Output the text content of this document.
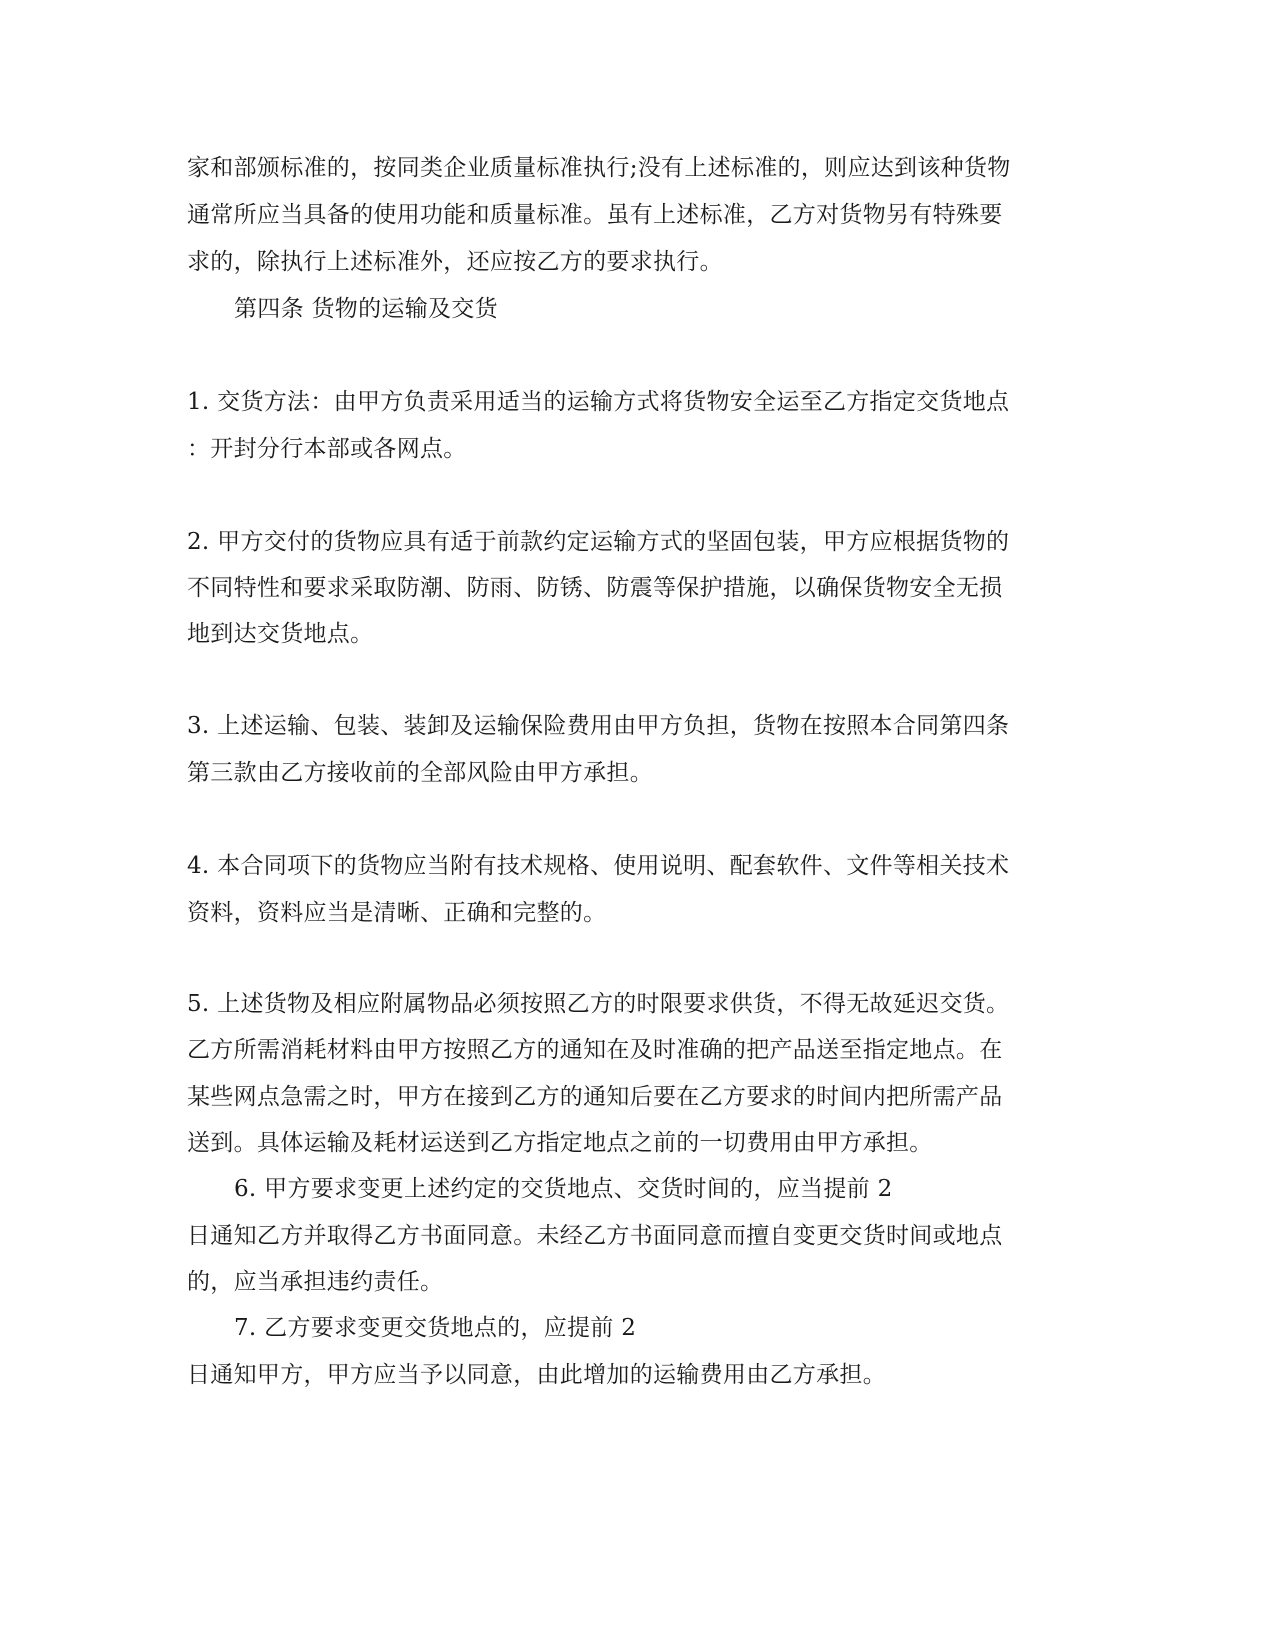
家和部颁标准的，按同类企业质量标准执行;没有上述标准的，则应达到该种货物
通常所应当具备的使用功能和质量标准。虽有上述标准，乙方对货物另有特殊要
求的，除执行上述标准外，还应按乙方的要求执行。
第四条 货物的运输及交货
1. 交货方法：由甲方负责采用适当的运输方式将货物安全运至乙方指定交货地点
：开封分行本部或各网点。
2. 甲方交付的货物应具有适于前款约定运输方式的坚固包装，甲方应根据货物的
不同特性和要求采取防潮、防雨、防锈、防震等保护措施，以确保货物安全无损
地到达交货地点。
3. 上述运输、包装、装卸及运输保险费用由甲方负担，货物在按照本合同第四条
第三款由乙方接收前的全部风险由甲方承担。
4. 本合同项下的货物应当附有技术规格、使用说明、配套软件、文件等相关技术
资料，资料应当是清晰、正确和完整的。
5. 上述货物及相应附属物品必须按照乙方的时限要求供货，不得无故延迟交货。
乙方所需消耗材料由甲方按照乙方的通知在及时准确的把产品送至指定地点。在
某些网点急需之时，甲方在接到乙方的通知后要在乙方要求的时间内把所需产品
送到。具体运输及耗材运送到乙方指定地点之前的一切费用由甲方承担。
6. 甲方要求变更上述约定的交货地点、交货时间的，应当提前 2
日通知乙方并取得乙方书面同意。未经乙方书面同意而擅自变更交货时间或地点
的，应当承担违约责任。
7. 乙方要求变更交货地点的，应提前 2
日通知甲方，甲方应当予以同意，由此增加的运输费用由乙方承担。
